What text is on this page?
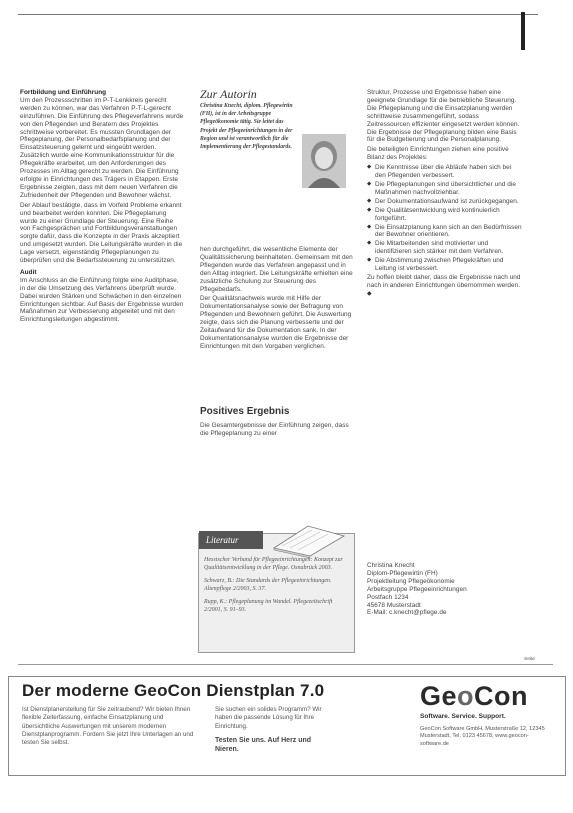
Fortbildung und Einführung

Um den Prozessschritten im P-T-Lenkkreis gerecht werden zu können, war das Verfahren P-T-L-gerecht einzuführen. Die Einführung des Pflegeverfahrens wurde von den Pflegenden und Beratern des Projektes schrittweise vorbereitet. Es mussten Grundlagen der Pflegeplanung, der Personalbedarfsplanung und der Einsatzsteuerung gelernt und eingeübt werden. Zusätzlich wurde eine Kommunikationsstruktur für die Pflegekräfte erarbeitet, um den Anforderungen des Prozesses im Alltag gerecht zu werden. Die Einführung erfolgte in Einrichtungen des Trägers in Etappen. Erste Ergebnisse zeigten, dass mit dem neuen Verfahren die Zufriedenheit der Pflegenden und Bewohner wächst.

Der Ablauf bestätigte, dass im Vorfeld Probleme erkannt und bearbeitet werden konnten. Die Pflegeplanung wurde zu einer Grundlage der Steuerung. Eine Reihe von Fachgesprächen und Fortbildungsveranstaltungen sorgte dafür, dass die Konzepte in der Praxis akzeptiert und umgesetzt wurden. Die Leitungskräfte wurden in die Lage versetzt, eigenständig Pflegeplanungen zu überprüfen und die Bedarfssteuerung zu unterstützen.

Audit

Im Anschluss an die Einführung folgte eine Auditphase, in der die Umsetzung des Verfahrens überprüft wurde. Dabei wurden Stärken und Schwächen in den einzelnen Einrichtungen sichtbar. Auf Basis der Ergebnisse wurden Maßnahmen zur Verbesserung abgeleitet und mit den Einrichtungsleitungen abgestimmt.

Zur Autorin
Christina Knecht, diplom. Pflegewirtin (FH), ist in der Arbeitsgruppe Pflegeökonomie tätig. Sie leitet das Projekt der Pflegeeinrichtungen in der Region und ist verantwortlich für die Implementierung der Pflegestandards.

hen durchgeführt, die wesentliche Elemente der Qualitätssicherung beinhalteten. Gemeinsam mit den Pflegenden wurde das Verfahren angepasst und in den Alltag integriert. Die Leitungskräfte erhielten eine zusätzliche Schulung zur Steuerung des Pflegebedarfs.

Der Qualitätsnachweis wurde mit Hilfe der Dokumentationsanalyse sowie der Befragung von Pflegenden und Bewohnern geführt. Die Auswertung zeigte, dass sich die Planung verbesserte und der Zeitaufwand für die Dokumentation sank. In der Dokumentationsanalyse wurden die Ergebnisse der Einrichtungen mit den Vorgaben verglichen.

Positives Ergebnis
Die Gesamtergebnisse der Einführung zeigen, dass die Pflegeplanung zu einer
Literatur

Hessischer Verband für Pflegeeinrichtungen: Konzept zur Qualitätsentwicklung in der Pflege. Osnabrück 2003.

Schwarz, B.: Die Standards der Pflegeeinrichtungen. Altenpflege 2/2003, S. 37.

Rupp, K.: Pflegeplanung im Wandel. Pflegezeitschrift 2/2001, S. 91–93.

Struktur, Prozesse und Ergebnisse haben eine geeignete Grundlage für die betriebliche Steuerung. Die Pflegeplanung und die Einsatzplanung werden schrittweise zusammengeführt, sodass Zeitressourcen effizienter eingesetzt werden können. Die Ergebnisse der Pflegeplanung bilden eine Basis für die Budgetierung und die Personalplanung.

Die beteiligten Einrichtungen ziehen eine positive Bilanz des Projektes:

◆ Die Kenntnisse über die Abläufe haben sich bei den Pflegenden verbessert.
◆ Die Pflegeplanungen sind übersichtlicher und die Maßnahmen nachvollziehbar.
◆ Der Dokumentationsaufwand ist zurückgegangen.
◆ Die Qualitätsentwicklung wird kontinuierlich fortgeführt.
◆ Die Einsatzplanung kann sich an den Bedürfnissen der Bewohner orientieren.
◆ Die Mitarbeitenden sind motivierter und identifizieren sich stärker mit dem Verfahren.
◆ Die Abstimmung zwischen Pflegekräften und Leitung ist verbessert.

Zu hoffen bleibt daher, dass die Ergebnisse nach und nach in anderen Einrichtungen übernommen werden. ◆

Christina Knecht
Diplom-Pflegewirtin (FH)
Projektleitung Pflegeökonomie
Arbeitsgruppe Pflegeeinrichtungen
Postfach 1234
45678 Musterstadt
E-Mail: c.knecht@pflege.de
Seite
Der moderne GeoCon Dienstplan 7.0
Ist Dienstplanerstellung für Sie zeitraubend? Wir bieten Ihnen flexible Zeiterfassung, einfache Einsatzplanung und übersichtliche Auswertungen mit unserem modernen Dienstplanprogramm. Fordern Sie jetzt Ihre Unterlagen an und testen Sie selbst.
Sie suchen ein solides Programm? Wir haben die passende Lösung für Ihre Einrichtung.
Testen Sie uns. Auf Herz und Nieren.
GeoCon
Software. Service. Support.
GeoCon Software GmbH, Musterstraße 12, 12345 Musterstadt, Tel. 0123 45678, www.geocon-software.de
